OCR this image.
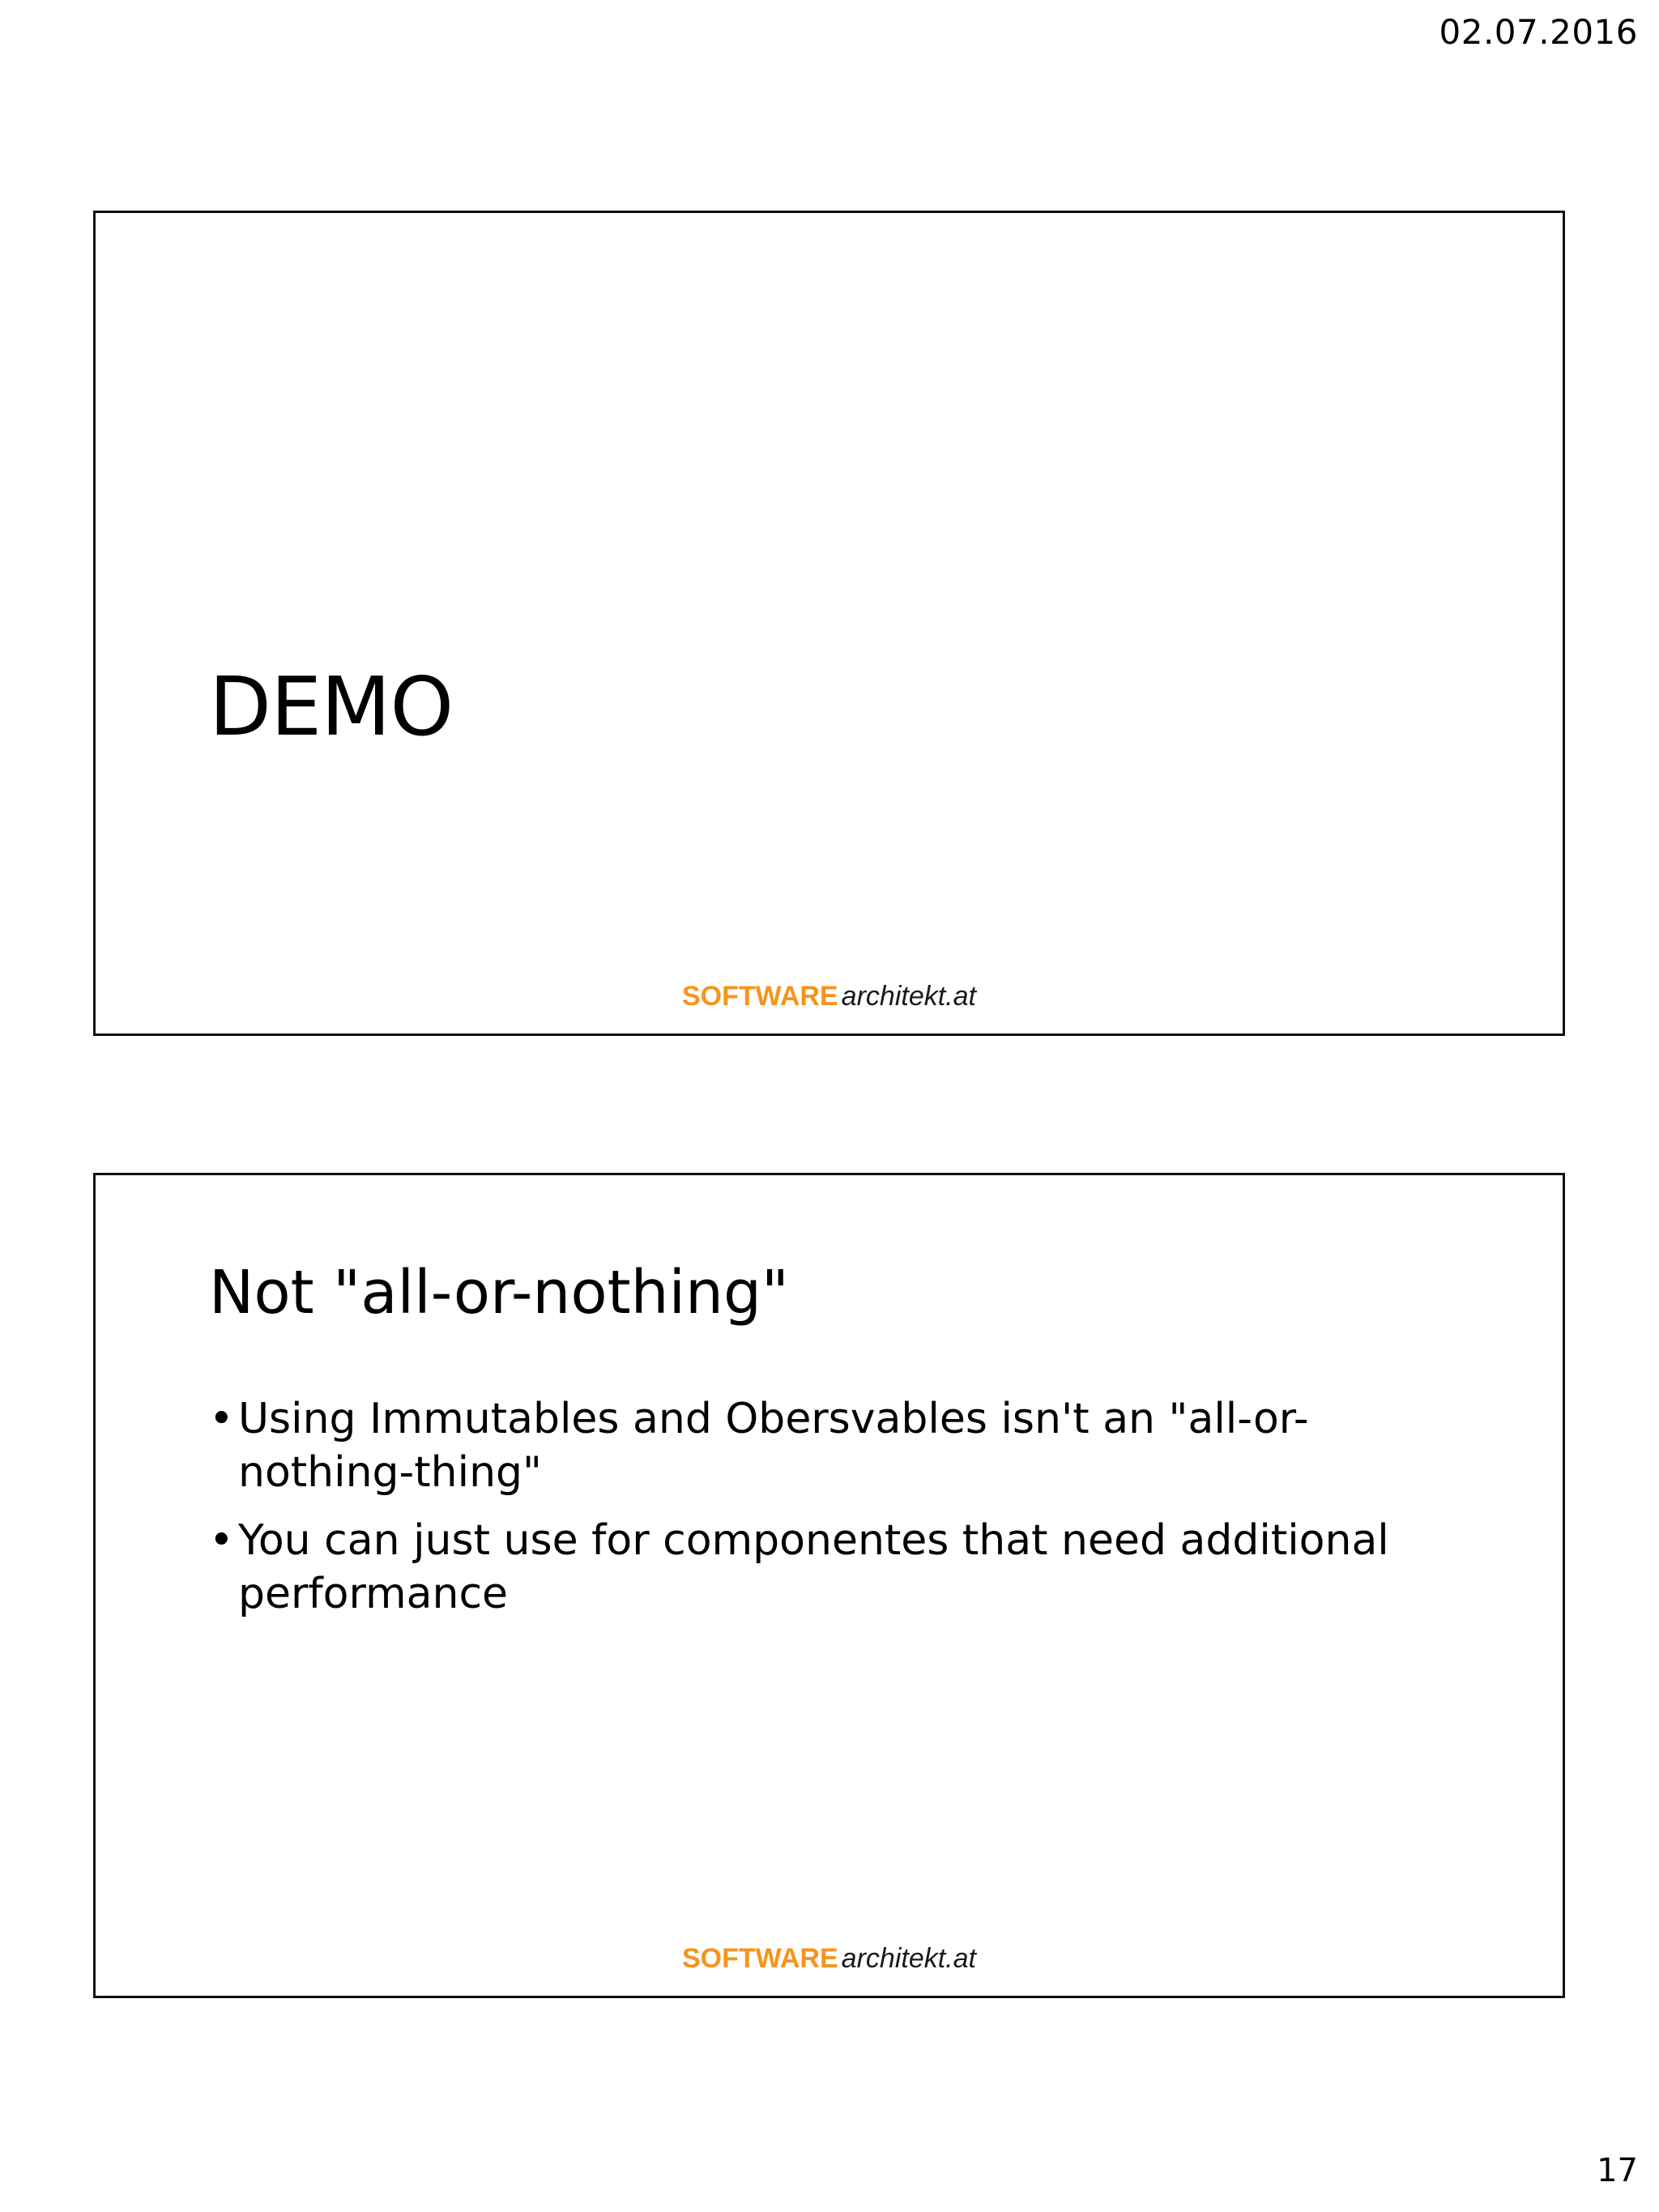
02.07.2016
DEMO
SOFTWARE architekt.at
Not "all-or-nothing"
• Using Immutables and Obersvables isn't an "all-or-nothing-thing"
• You can just use for componentes that need additional performance
SOFTWARE architekt.at
17
